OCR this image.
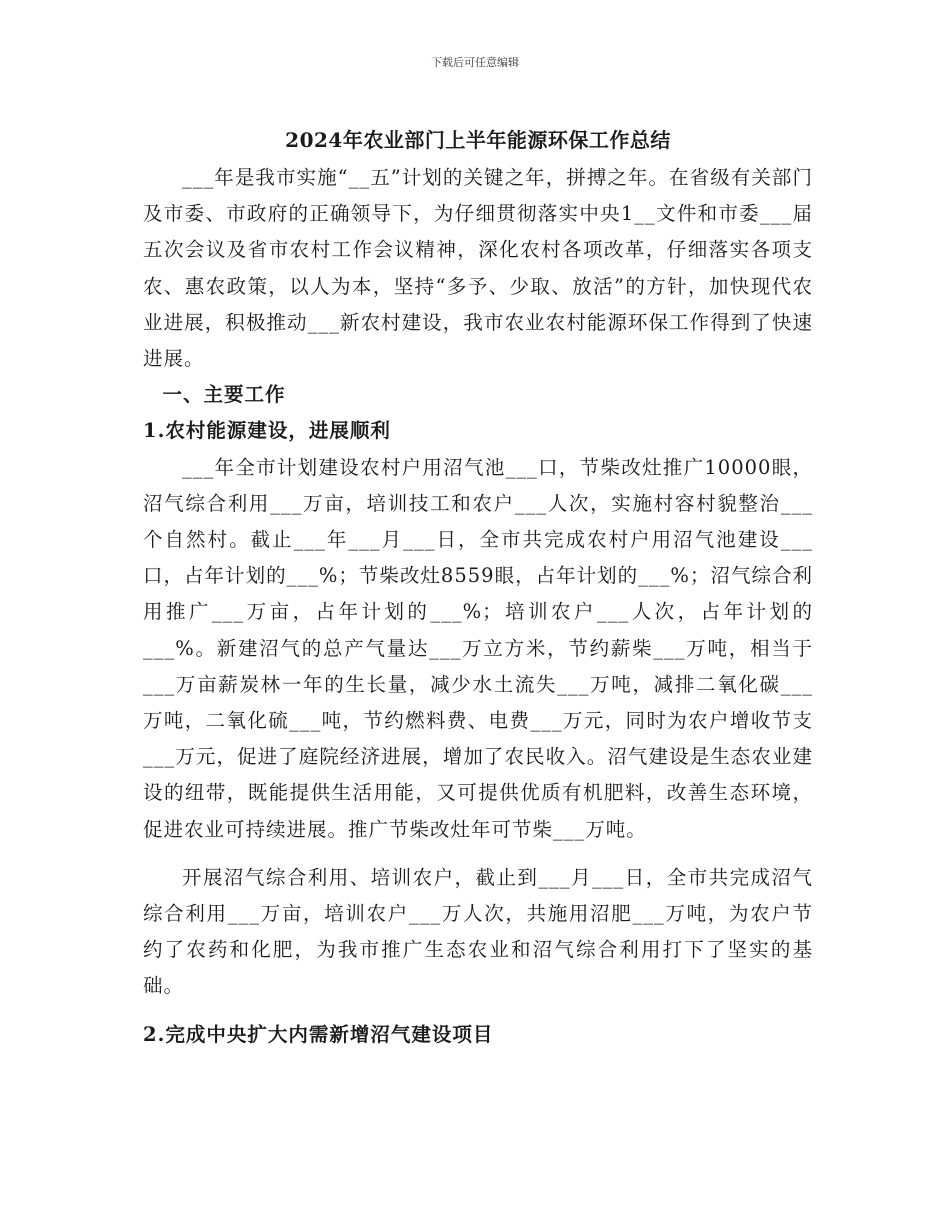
下载后可任意编辑
2024年农业部门上半年能源环保工作总结

___年是我市实施“__五”计划的关键之年，拼搏之年。在省级有关部门及市委、市政府的正确领导下，为仔细贯彻落实中央1__文件和市委___届五次会议及省市农村工作会议精神，深化农村各项改革，仔细落实各项支农、惠农政策，以人为本，坚持“多予、少取、放活”的方针，加快现代农业进展，积极推动___新农村建设，我市农业农村能源环保工作得到了快速进展。

一、主要工作

1.农村能源建设，进展顺利

___年全市计划建设农村户用沼气池___口，节柴改灶推广10000眼，沼气综合利用___万亩，培训技工和农户___人次，实施村容村貌整治___个自然村。截止___年___月___日，全市共完成农村户用沼气池建设___口，占年计划的___%；节柴改灶8559眼，占年计划的___%；沼气综合利用推广___万亩，占年计划的___%；培训农户___人次，占年计划的___%。新建沼气的总产气量达___万立方米，节约薪柴___万吨，相当于___万亩薪炭林一年的生长量，减少水土流失___万吨，减排二氧化碳___万吨，二氧化硫___吨，节约燃料费、电费___万元，同时为农户增收节支___万元，促进了庭院经济进展，增加了农民收入。沼气建设是生态农业建设的纽带，既能提供生活用能，又可提供优质有机肥料，改善生态环境，促进农业可持续进展。推广节柴改灶年可节柴___万吨。

开展沼气综合利用、培训农户，截止到___月___日，全市共完成沼气综合利用___万亩，培训农户___万人次，共施用沼肥___万吨，为农户节约了农药和化肥，为我市推广生态农业和沼气综合利用打下了坚实的基础。

2.完成中央扩大内需新增沼气建设项目
